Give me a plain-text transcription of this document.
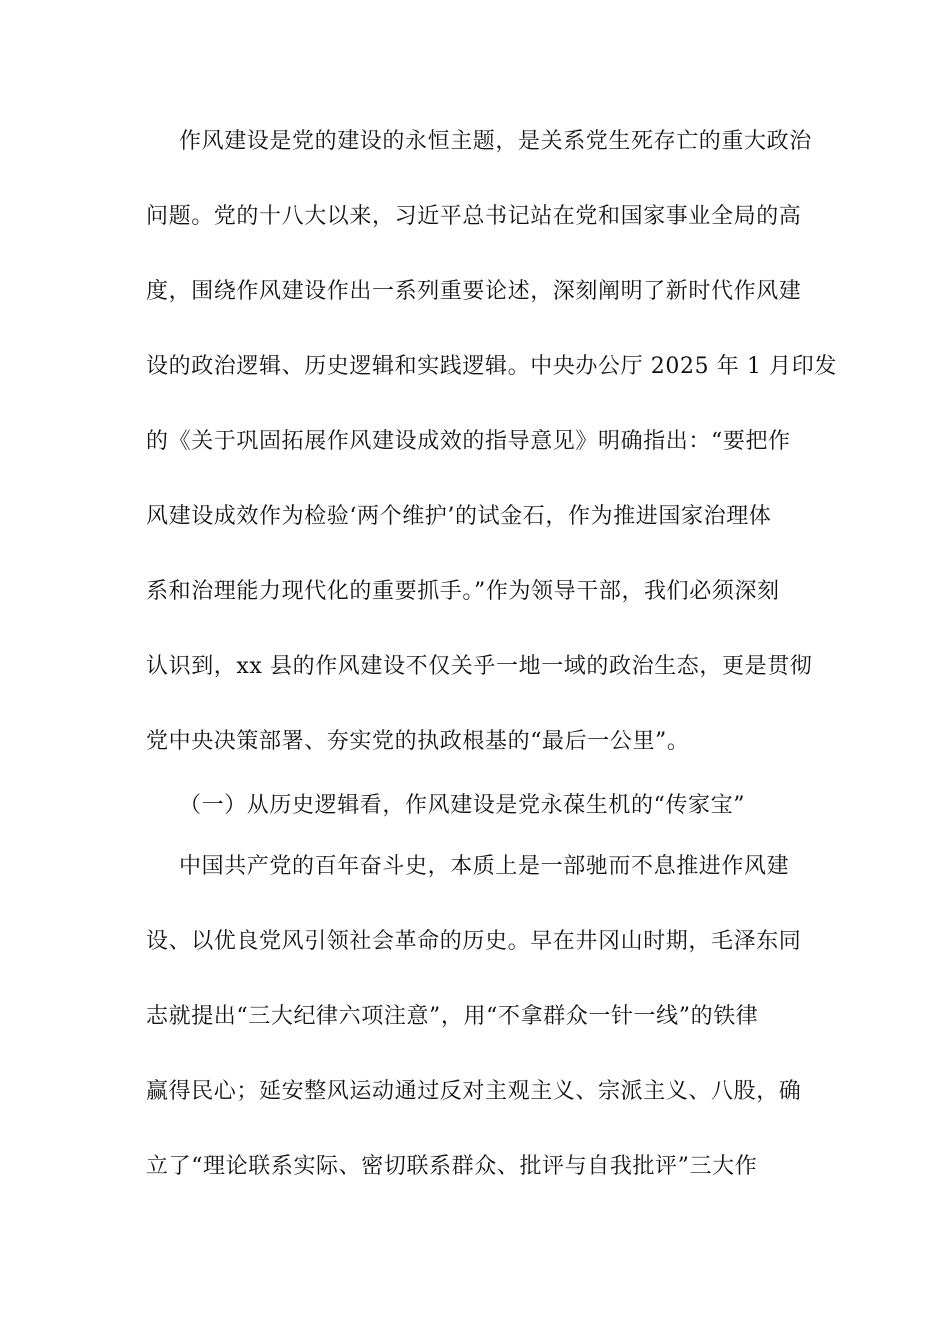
作风建设是党的建设的永恒主题，是关系党生死存亡的重大政治
问题。党的十八大以来，习近平总书记站在党和国家事业全局的高
度，围绕作风建设作出一系列重要论述，深刻阐明了新时代作风建
设的政治逻辑、历史逻辑和实践逻辑。中央办公厅 2025 年 1 月印发
的《关于巩固拓展作风建设成效的指导意见》明确指出：“要把作
风建设成效作为检验‘两个维护’的试金石，作为推进国家治理体
系和治理能力现代化的重要抓手。”作为领导干部，我们必须深刻
认识到，xx 县的作风建设不仅关乎一地一域的政治生态，更是贯彻
党中央决策部署、夯实党的执政根基的“最后一公里”。
（一）从历史逻辑看，作风建设是党永葆生机的“传家宝”
中国共产党的百年奋斗史，本质上是一部驰而不息推进作风建
设、以优良党风引领社会革命的历史。早在井冈山时期，毛泽东同
志就提出“三大纪律六项注意”，用“不拿群众一针一线”的铁律
赢得民心；延安整风运动通过反对主观主义、宗派主义、八股，确
立了“理论联系实际、密切联系群众、批评与自我批评”三大作
